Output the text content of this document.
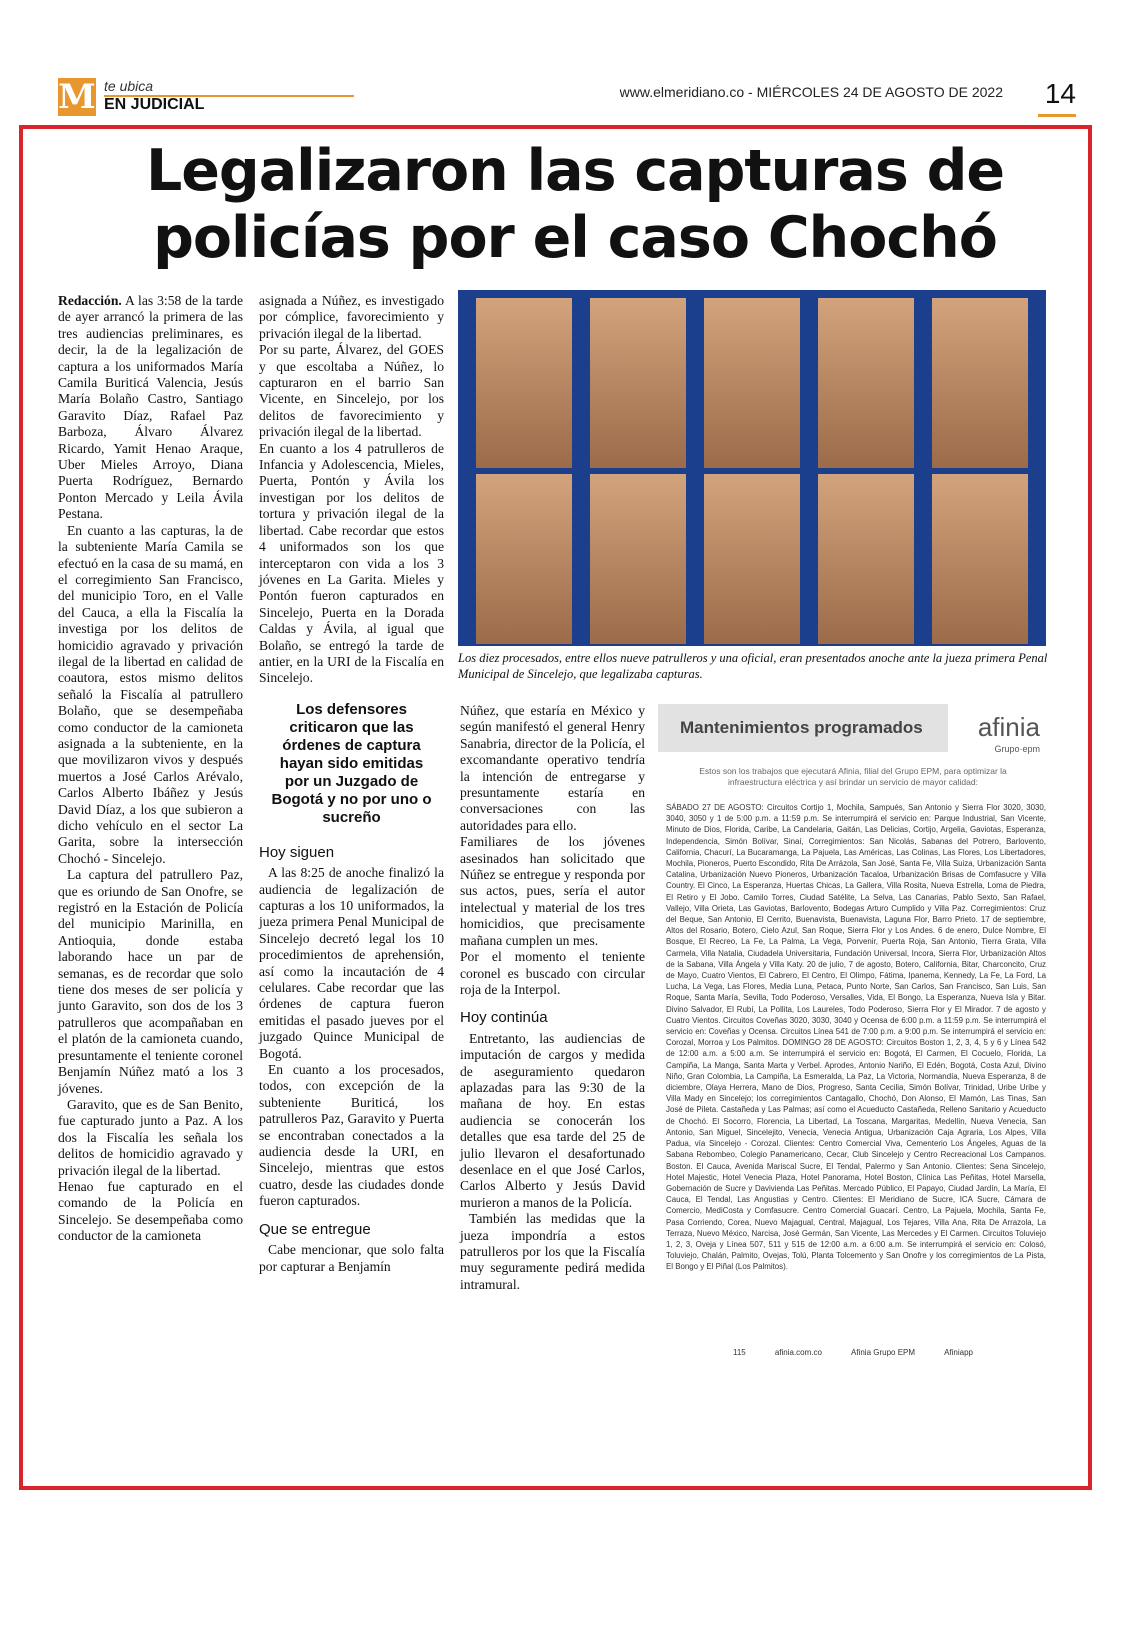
M te ubica
EN JUDICIAL
www.elmeridiano.co - MIÉRCOLES 24 DE AGOSTO DE 2022 14
Legalizaron las capturas de policías por el caso Chochó

Redacción. A las 3:58 de la tarde de ayer arrancó la primera de las tres audiencias preliminares, es decir, la de la legalización de captura a los uniformados María Camila Buriticá Valencia, Jesús María Bolaño Castro, Santiago Garavito Díaz, Rafael Paz Barboza, Álvaro Álvarez Ricardo, Yamit Henao Araque, Uber Mieles Arroyo, Diana Puerta Rodríguez, Bernardo Ponton Mercado y Leila Ávila Pestana.

En cuanto a las capturas, la de la subteniente María Camila se efectuó en la casa de su mamá, en el corregimiento San Francisco, del municipio Toro, en el Valle del Cauca, a ella la Fiscalía la investiga por los delitos de homicidio agravado y privación ilegal de la libertad en calidad de coautora, estos mismo delitos señaló la Fiscalía al patrullero Bolaño, que se desempeñaba como conductor de la camioneta asignada a la subteniente, en la que movilizaron vivos y después muertos a José Carlos Arévalo, Carlos Alberto Ibáñez y Jesús David Díaz, a los que subieron a dicho vehículo en el sector La Garita, sobre la intersección Chochó - Sincelejo.

La captura del patrullero Paz, que es oriundo de San Onofre, se registró en la Estación de Policía del municipio Marinilla, en Antioquia, donde estaba laborando hace un par de semanas, es de recordar que solo tiene dos meses de ser policía y junto Garavito, son dos de los 3 patrulleros que acompañaban en el platón de la camioneta cuando, presuntamente el teniente coronel Benjamín Núñez mató a los 3 jóvenes.

Garavito, que es de San Benito, fue capturado junto a Paz. A los dos la Fiscalía les señala los delitos de homicidio agravado y privación ilegal de la libertad.

Henao fue capturado en el comando de la Policía en Sincelejo. Se desempeñaba como conductor de la camioneta

asignada a Núñez, es investigado por cómplice, favorecimiento y privación ilegal de la libertad.

Por su parte, Álvarez, del GOES y que escoltaba a Núñez, lo capturaron en el barrio San Vicente, en Sincelejo, por los delitos de favorecimiento y privación ilegal de la libertad.

En cuanto a los 4 patrulleros de Infancia y Adolescencia, Mieles, Puerta, Pontón y Ávila los investigan por los delitos de tortura y privación ilegal de la libertad. Cabe recordar que estos 4 uniformados son los que interceptaron con vida a los 3 jóvenes en La Garita. Mieles y Pontón fueron capturados en Sincelejo, Puerta en la Dorada Caldas y Ávila, al igual que Bolaño, se entregó la tarde de antier, en la URI de la Fiscalía en Sincelejo.

Los defensores criticaron que las órdenes de captura hayan sido emitidas por un Juzgado de Bogotá y no por uno o sucreño
Hoy siguen

A las 8:25 de anoche finalizó la audiencia de legalización de capturas a los 10 uniformados, la jueza primera Penal Municipal de Sincelejo decretó legal los 10 procedimientos de aprehensión, así como la incautación de 4 celulares. Cabe recordar que las órdenes de captura fueron emitidas el pasado jueves por el juzgado Quince Municipal de Bogotá.

En cuanto a los procesados, todos, con excepción de la subteniente Buriticá, los patrulleros Paz, Garavito y Puerta se encontraban conectados a la audiencia desde la URI, en Sincelejo, mientras que estos cuatro, desde las ciudades donde fueron capturados.

Que se entregue

Cabe mencionar, que solo falta por capturar a Benjamín

Los diez procesados, entre ellos nueve patrulleros y una oficial, eran presentados anoche ante la jueza primera Penal Municipal de Sincelejo, que legalizaba capturas.

Núñez, que estaría en México y según manifestó el general Henry Sanabria, director de la Policía, el excomandante operativo tendría la intención de entregarse y presuntamente estaría en conversaciones con las autoridades para ello.

Familiares de los jóvenes asesinados han solicitado que Núñez se entregue y responda por sus actos, pues, sería el autor intelectual y material de los tres homicidios, que precisamente mañana cumplen un mes.

Por el momento el teniente coronel es buscado con circular roja de la Interpol.

Hoy continúa

Entretanto, las audiencias de imputación de cargos y medida de aseguramiento quedaron aplazadas para las 9:30 de la mañana de hoy. En estas audiencia se conocerán los detalles que esa tarde del 25 de julio llevaron el desafortunado desenlace en el que José Carlos, Carlos Alberto y Jesús David murieron a manos de la Policía.

También las medidas que la jueza impondría a estos patrulleros por los que la Fiscalía muy seguramente pedirá medida intramural.

Mantenimientos programados afinia
Grupo·epm
Estos son los trabajos que ejecutará Afinia, filial del Grupo EPM, para optimizar la infraestructura eléctrica y así brindar un servicio de mayor calidad:
SÁBADO 27 DE AGOSTO: Circuitos Cortijo 1, Mochila, Sampués, San Antonio y Sierra Flor 3020, 3030, 3040, 3050 y 1 de 5:00 p.m. a 11:59 p.m. Se interrumpirá el servicio en: Parque Industrial, San Vicente, Minuto de Dios, Florida, Caribe, La Candelaria, Gaitán, Las Delicias, Cortijo, Argelia, Gaviotas, Esperanza, Independencia, Simón Bolívar, Sinaí, Corregimientos: San Nicolás, Sabanas del Potrero, Barlovento, California, Chacurí, La Bucaramanga, La Pajuela, Las Américas, Las Colinas, Las Flores, Los Libertadores, Mochila, Pioneros, Puerto Escondido, Rita De Arrázola, San José, Santa Fe, Villa Suiza, Urbanización Santa Catalina, Urbanización Nuevo Pioneros, Urbanización Tacaloa, Urbanización Brisas de Comfasucre y Villa Country. El Cinco, La Esperanza, Huertas Chicas, La Gallera, Villa Rosita, Nueva Estrella, Loma de Piedra, El Retiro y El Jobo. Camilo Torres, Ciudad Satélite, La Selva, Las Canarias, Pablo Sexto, San Rafael, Vallejo, Villa Orieta, Las Gaviotas, Barlovento, Bodegas Arturo Cumplido y Villa Paz. Corregimientos: Cruz del Beque, San Antonio, El Cerrito, Buenavista, Buenavista, Laguna Flor, Barro Prieto. 17 de septiembre, Altos del Rosario, Botero, Cielo Azul, San Roque, Sierra Flor y Los Andes. 6 de enero, Dulce Nombre, El Bosque, El Recreo, La Fe, La Palma, La Vega, Porvenir, Puerta Roja, San Antonio, Tierra Grata, Villa Carmela, Villa Natalia, Ciudadela Universitaria, Fundación Universal, Incora, Sierra Flor, Urbanización Altos de la Sabana, Villa Ángela y Villa Katy. 20 de julio, 7 de agosto, Botero, California, Bitar, Charconcito, Cruz de Mayo, Cuatro Vientos, El Cabrero, El Centro, El Olimpo, Fátima, Ipanema, Kennedy, La Fe, La Ford, La Lucha, La Vega, Las Flores, Media Luna, Petaca, Punto Norte, San Carlos, San Francisco, San Luis, San Roque, Santa María, Sevilla, Todo Poderoso, Versalles, Vida, El Bongo, La Esperanza, Nueva Isla y Bitar. Divino Salvador, El Rubí, La Pollita, Los Laureles, Todo Poderoso, Sierra Flor y El Mirador. 7 de agosto y Cuatro Vientos. Circuitos Coveñas 3020, 3030, 3040 y Ocensa de 6:00 p.m. a 11:59 p.m. Se interrumpirá el servicio en: Coveñas y Ocensa. Circuitos Línea 541 de 7:00 p.m. a 9:00 p.m. Se interrumpirá el servicio en: Corozal, Morroa y Los Palmitos. DOMINGO 28 DE AGOSTO: Circuitos Boston 1, 2, 3, 4, 5 y 6 y Línea 542 de 12:00 a.m. a 5:00 a.m. Se interrumpirá el servicio en: Bogotá, El Carmen, El Cocuelo, Florida, La Campiña, La Manga, Santa Marta y Verbel. Aprodes, Antonio Nariño, El Edén, Bogotá, Costa Azul, Divino Niño, Gran Colombia, La Campiña, La Esmeralda, La Paz, La Victoria, Normandía, Nueva Esperanza, 8 de diciembre, Olaya Herrera, Mano de Dios, Progreso, Santa Cecilia, Simón Bolívar, Trinidad, Uribe Uribe y Villa Mady en Sincelejo; los corregimientos Cantagallo, Chochó, Don Alonso, El Mamón, Las Tinas, San José de Pileta. Castañeda y Las Palmas; así como el Acueducto Castañeda, Relleno Sanitario y Acueducto de Chochó. El Socorro, Florencia, La Libertad, La Toscana, Margaritas, Medellín, Nueva Venecia, San Antonio, San Miguel, Sincelejito, Venecia, Venecia Antigua, Urbanización Caja Agraria, Los Alpes, Villa Padua, vía Sincelejo - Corozal. Clientes: Centro Comercial Viva, Cementerio Los Ángeles, Aguas de la Sabana Rebombeo, Colegio Panamericano, Cecar, Club Sincelejo y Centro Recreacional Los Campanos. Boston. El Cauca, Avenida Mariscal Sucre, El Tendal, Palermo y San Antonio. Clientes: Sena Sincelejo, Hotel Majestic, Hotel Venecia Plaza, Hotel Panorama, Hotel Boston, Clínica Las Peñitas, Hotel Marsella, Gobernación de Sucre y Davivienda Las Peñitas. Mercado Público, El Papayo, Ciudad Jardín, La María, El Cauca, El Tendal, Las Angustias y Centro. Clientes: El Meridiano de Sucre, ICA Sucre, Cámara de Comercio, MediCosta y Comfasucre. Centro Comercial Guacarí. Centro, La Pajuela, Mochila, Santa Fe, Pasa Corriendo, Corea, Nuevo Majagual, Central, Majagual, Los Tejares, Villa Ana, Rita De Arrazola, La Terraza, Nuevo México, Narcisa, José Germán, San Vicente, Las Mercedes y El Carmen. Circuitos Toluviejo 1, 2, 3, Oveja y Línea 507, 511 y 515 de 12:00 a.m. a 6:00 a.m. Se interrumpirá el servicio en: Colosó, Toluviejo, Chalán, Palmito, Ovejas, Tolú, Planta Tolcemento y San Onofre y los corregimientos de La Pista, El Bongo y El Piñal (Los Palmitos).
115	afinia.com.co	Afinia Grupo EPM	Afiniapp
